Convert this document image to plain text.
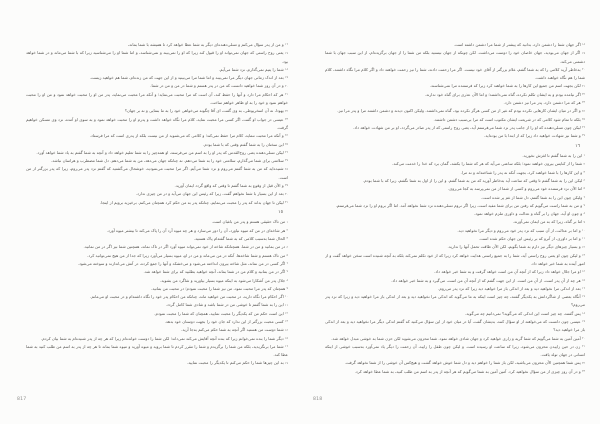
$^{١٦}$ و من از پدر سؤال می‌کنم و تسلی‌دهنده‌ای دیگر به شما عطا خواهد کرد تا همیشه با شما بماند،

$^{١٧}$ یعنی روح راستی که جهان نمی‌تواند او را قبول کند زیرا که او را نمی‌بیند و نمی‌شناسد، و اما شما او را می‌شناسید زیرا که با شما می‌ماند و در شما خواهد بود.

$^{١٨}$ شما را یتیم نمی‌گذارم، نزد شما می‌آیم.

$^{١٩}$ بعد از اندک زمانی جهان دیگر مرا نمی‌بیند و اما شما مرا می‌بینید و از این جهت که من زنده‌ام، شما هم خواهید زیست.

$^{٢٠}$ و در آن روز شما خواهید دانست که من در پدر هستم و شما در من و من در شما.

$^{٢١}$ هر که احکام مرا دارد و آنها را حفظ کند، آن است که مرا محبت می‌نماید؛ و آنکه مرا محبت می‌نماید، پدر من او را محبت خواهد نمود و من او را محبت خواهم نمود و خود را به او ظاهر خواهم ساخت.

$^{٢٢}$ یهودا، نه آن اسخریوطی، به وی گفت، ای آقا چگونه می‌خواهی خود را به ما بنمایی و نه بر جهان؟

$^{٢٣}$ عیسی در جواب او گفت، اگر کسی مرا محبت نماید، کلام مرا نگاه خواهد داشت و پدرم او را محبت خواهد نمود و به سوی او آمده، نزد وی مسکن خواهیم گرفت.

$^{٢٤}$ و آنکه مرا محبت ننماید، کلام مرا حفظ نمی‌کند؛ و کلامی که می‌شنوید از من نیست بلکه از پدری است که مرا فرستاد.

$^{٢٥}$ این سخنان را به شما گفتم وقتی که با شما بودم.

$^{٢٦}$ لیکن تسلی‌دهنده یعنی روح‌القدس که پدر او را به اسم من می‌فرستد، او همه‌چیز را به شما تعلیم خواهد داد و آنچه به شما گفتم به یاد شما خواهد آورد.

$^{٢٧}$ سلامتی برای شما می‌گذارم، سلامتی خود را به شما می‌دهم. نه چنانکه جهان می‌دهد، من به شما می‌دهم. دل شما مضطرب و هراسان نباشد.

$^{٢٨}$ شنیده‌اید که من به شما گفتم می‌روم و نزد شما می‌آیم. اگر مرا محبت می‌نمودید، خوشحال می‌گشتید که گفتم نزد پدر می‌روم، زیرا که پدر بزرگتر از من است.

$^{٢٩}$ و الآن قبل از وقوع به شما گفتم تا وقتی که واقع گردد ایمان آورید.

$^{٣٠}$ بعد از این بسیار با شما نخواهم گفت، زیرا که رئیس این جهان می‌آید و در من چیزی ندارد.

$^{٣١}$ لیکن تا جهان بداند که پدر را محبت می‌نمایم، چنانکه پدر به من حکم کرد همچنان می‌کنم. برخیزید برویم از اینجا.

١٥

$^١$ من تاک حقیقی هستم و پدر من باغبان است.

$^٢$ هر شاخه‌ای در من که میوه نیاورد، آن را دور می‌سازد و هر چه میوه آرد آن را پاک می‌کند تا بیشتر میوه آورد.

$^٣$ الحال شما به‌سبب کلامی که به شما گفته‌ام پاک هستید.

$^٤$ در من بمانید و من در شما. همچنانکه شاخه از خود نمی‌تواند میوه آورد اگر در تاک نماند، همچنین شما نیز اگر در من نمانید.

$^٥$ من تاک هستم و شما شاخه‌ها. آنکه در من می‌ماند و من در او، میوه بسیار می‌آورد زیرا که جدا از من هیچ نمی‌توانید کرد.

$^٦$ اگر کسی در من نماند، مثل شاخه بیرون انداخته می‌شود و می‌خشکد و آنها را جمع کرده، در آتش می‌اندازند و سوخته می‌شود.

$^٧$ اگر در من بمانید و کلام من در شما بماند، آنچه خواهید بطلبید که برای شما خواهد شد.

$^٨$ جلال پدر من آشکارا می‌شود به اینکه میوه بسیار بیاورید و شاگرد من بشوید.

$^٩$ همچنان که پدر مرا محبت نمود، من نیز شما را محبت نمودم؛ در محبت من بمانید.

$^{١٠}$ اگر احکام مرا نگاه دارید، در محبت من خواهید ماند، چنانکه من احکام پدر خود را نگاه داشته‌ام و در محبت او می‌مانم.

$^{١١}$ این را به شما گفتم تا خوشی من در شما باشد و شادی شما کامل گردد.

$^{١٢}$ این است حکم من که یکدیگر را محبت نمایید، همچنان که شما را محبت نمودم.

$^{١٣}$ کسی محبت بزرگتر از این ندارد که جان خود را بجهت دوستان خود بدهد.

$^{١٤}$ شما دوست من هستید اگر آنچه به شما حکم می‌کنم به‌جا آرید.

$^{١٥}$ دیگر شما را بنده نمی‌خوانم زیرا که بنده آنچه آقایش می‌کند نمی‌داند؛ لکن شما را دوست خوانده‌ام زیرا که هر چه از پدر شنیده‌ام به شما بیان کردم.

$^{١٦}$ شما مرا برنگزیدید، بلکه من شما را برگزیدم و شما را مقرر کردم تا شما بروید و میوه آورید و میوه شما بماند تا هر چه از پدر به اسم من طلب کنید به شما عطا کند.

$^{١٧}$ به این چیزها شما را حکم می‌کنم تا یکدیگر را محبت نمایید.

817

$^{١٨}$ اگر جهان شما را دشمن دارد، بدانید که پیشتر از شما مرا دشمن داشته است.

$^{١٩}$ اگر از جهان می‌بودید، جهان خاصان خود را دوست می‌داشت. لکن چونکه از جهان نیستید بلکه من شما را از جهان برگزیده‌ام، از این سبب جهان با شما دشمنی می‌کند.

$^{٢٠}$ به‌خاطر آرید کلامی را که به شما گفتم، غلام بزرگتر از آقای خود نیست. اگر مرا زحمت دادند، شما را نیز زحمت خواهند داد و اگر کلام مرا نگاه داشتند، کلام شما را هم نگاه خواهند داشت.

$^{٢١}$ لکن بجهت اسم من جمیع این کارها را به شما خواهند کرد زیرا که فرستنده مرا نمی‌شناسند.

$^{٢٢}$ اگر نیامده بودم و به ایشان تکلم نکرده، گناه نمی‌داشتند؛ و اما الآن عذری برای گناه خود ندارند.

$^{٢٣}$ هر که مرا دشمن دارد، پدر مرا نیز دشمن دارد.

$^{٢٤}$ و اگر در میان ایشان کارهایی نکرده بودم که غیر از من کسی هرگز نکرده بود، گناه نمی‌داشتند. ولیکن اکنون دیدند و دشمن داشتند مرا و پدر مرا نیز.

$^{٢٥}$ بلکه تا تمام شود کلامی که در شریعت ایشان مکتوب است که مرا بی‌سبب دشمن داشتند.

$^{٢٦}$ لیکن چون تسلی‌دهنده که او را از جانب پدر نزد شما می‌فرستم آید، یعنی روح راستی که از پدر صادر می‌گردد، او بر من شهادت خواهد داد.

$^{٢٧}$ و شما نیز شهادت خواهید داد زیرا که از ابتدا با من بوده‌اید.

١٦

$^١$ این را به شما گفتم تا لغزش نخورید.

$^٢$ شما را از کنایس بیرون خواهند نمود؛ بلکه ساعتی می‌آید که هر که شما را بکشد، گمان برد که خدا را خدمت می‌کند.

$^٣$ و این کارها را با شما خواهند کرد، بجهت آنکه نه پدر را شناخته‌اند و نه مرا.

$^٤$ لیکن این را به شما گفتم تا وقتی که ساعت آید به‌خاطر آورید که من به شما گفتم. و این را از اول به شما نگفتم، زیرا که با شما بودم.

$^٥$ اما الآن نزد فرستنده خود می‌روم و کسی از شما از من نمی‌پرسد به کجا می‌روی.

$^٦$ ولیکن چون این را به شما گفتم، دل شما از غم پر شده است.

$^٧$ و من به شما راست می‌گویم که رفتن من برای شما مفید است، زیرا اگر نروم تسلی‌دهنده نزد شما نخواهد آمد. اما اگر بروم او را نزد شما می‌فرستم.

$^٨$ و چون او آید، جهان را بر گناه و عدالت و داوری ملزم خواهد نمود.

$^٩$ اما بر گناه، زیرا که به من ایمان نمی‌آورند.

$^{١٠}$ و اما بر عدالت، از آن سبب که نزد پدر خود می‌روم و دیگر مرا نخواهید دید.

$^{١١}$ و اما بر داوری، از آنرو که بر رئیس این جهان حکم شده است.

$^{١٢}$ و بسیار چیزهای دیگر نیز دارم به شما بگویم، لکن الآن طاقت تحمل آنها را ندارید.

$^{١٣}$ و لیکن چون او یعنی روح راستی آید، شما را به جمیع راستی هدایت خواهد کرد زیرا که از خود تکلم نمی‌کند بلکه به آنچه شنیده است سخن خواهد گفت و از امور آینده به شما خبر خواهد داد.

$^{١٤}$ او مرا جلال خواهد داد زیرا که از آنچه آنِ من است خواهد گرفت و به شما خبر خواهد داد.

$^{١٥}$ هر چه از آنِ پدر است، از آنِ من است. از این جهت گفتم که از آنچه آنِ من است، می‌گیرد و به شما خبر خواهد داد.

$^{١٦}$ بعد از اندکی مرا نخواهید دید و بعد از اندکی باز مرا خواهید دید زیرا که نزد پدر می‌روم.

$^{١٧}$ آنگاه بعضی از شاگردانش به یکدیگر گفتند، چه چیز است اینکه به ما می‌گوید که اندکی مرا نخواهید دید و بعد از اندکی باز مرا خواهید دید و زیرا که نزد پدر می‌روم؟

$^{١٨}$ پس گفتند، چه چیز است این اندکی که می‌گوید؟ نمی‌دانیم چه می‌گوید.

$^{١٩}$ عیسی چون دانست که می‌خواهند از او سؤال کنند، بدیشان گفت، آیا در میان خود از این سؤال می‌کنید که گفتم اندکی دیگر مرا نخواهید دید و بعد از اندکی باز مرا خواهید دید؟

$^{٢٠}$ آمین آمین به شما می‌گویم که شما گریه و زاری خواهید کرد و جهان شادی خواهد نمود. شما محزون می‌شوید لکن حزن شما به خوشی مبدل خواهد شد.

$^{٢١}$ زن در حین زاییدن محزون می‌شود، زیرا که ساعت او رسیده است. و لیکن چون طفل را زایید، آن زحمت را دیگر یاد نمی‌آورد به‌سبب خوشی از اینکه انسانی در جهان تولد یافت.

$^{٢٢}$ پس شما همچنین الآن محزون می‌باشید، لکن باز شما را خواهم دید و دل شما خوش خواهد گشت و هیچ‌کس آن خوشی را از شما نخواهد گرفت.

$^{٢٣}$ و در آن روز چیزی از من سؤال نخواهید کرد. آمین آمین به شما می‌گویم که هر آنچه از پدر به اسم من طلب کنید، به شما عطا خواهد کرد.

818
